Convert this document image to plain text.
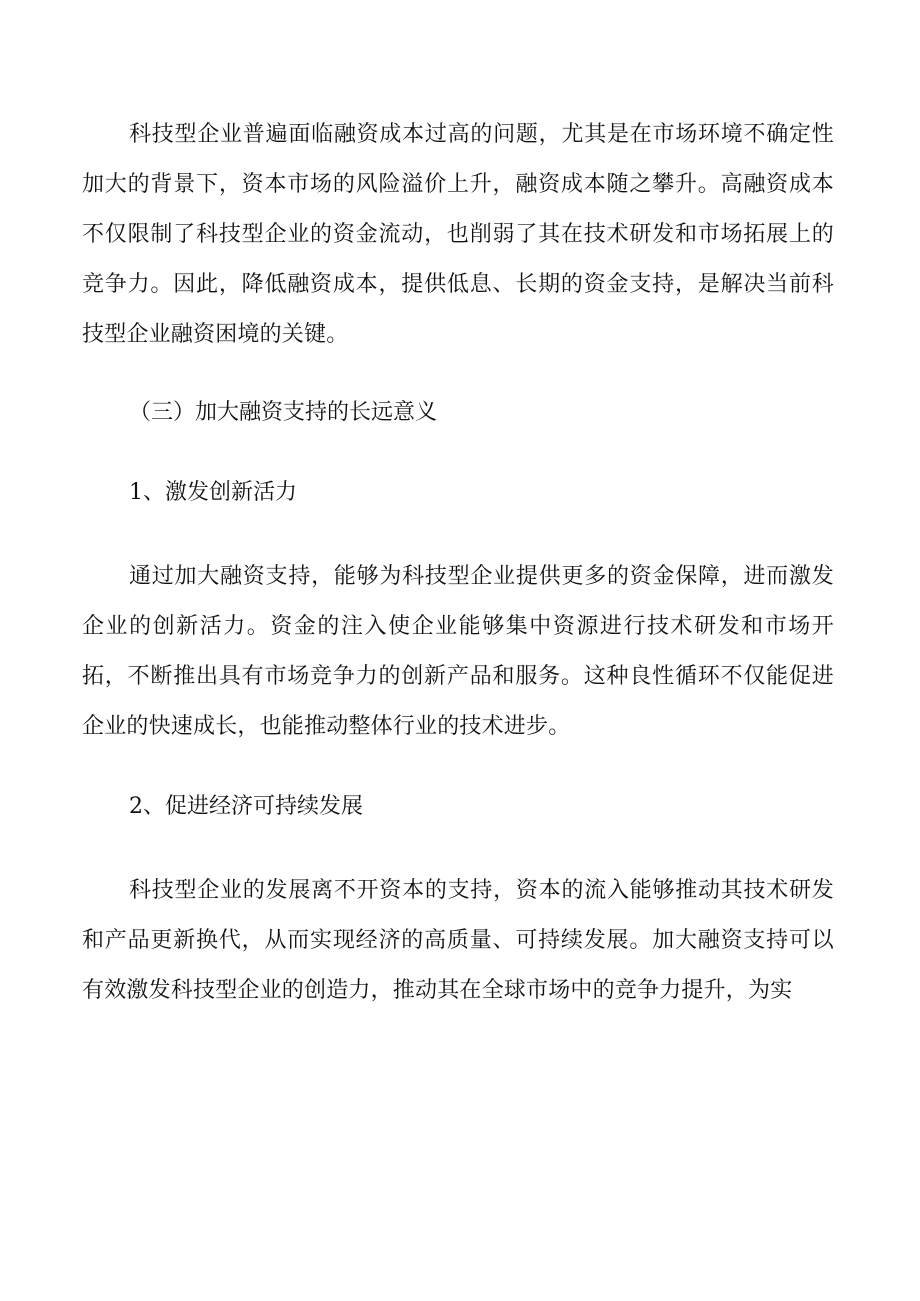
科技型企业普遍面临融资成本过高的问题，尤其是在市场环境不确定性加大的背景下，资本市场的风险溢价上升，融资成本随之攀升。高融资成本不仅限制了科技型企业的资金流动，也削弱了其在技术研发和市场拓展上的竞争力。因此，降低融资成本，提供低息、长期的资金支持，是解决当前科技型企业融资困境的关键。

（三）加大融资支持的长远意义

1、激发创新活力

通过加大融资支持，能够为科技型企业提供更多的资金保障，进而激发企业的创新活力。资金的注入使企业能够集中资源进行技术研发和市场开拓，不断推出具有市场竞争力的创新产品和服务。这种良性循环不仅能促进企业的快速成长，也能推动整体行业的技术进步。

2、促进经济可持续发展

科技型企业的发展离不开资本的支持，资本的流入能够推动其技术研发和产品更新换代，从而实现经济的高质量、可持续发展。加大融资支持可以有效激发科技型企业的创造力，推动其在全球市场中的竞争力提升，为实
